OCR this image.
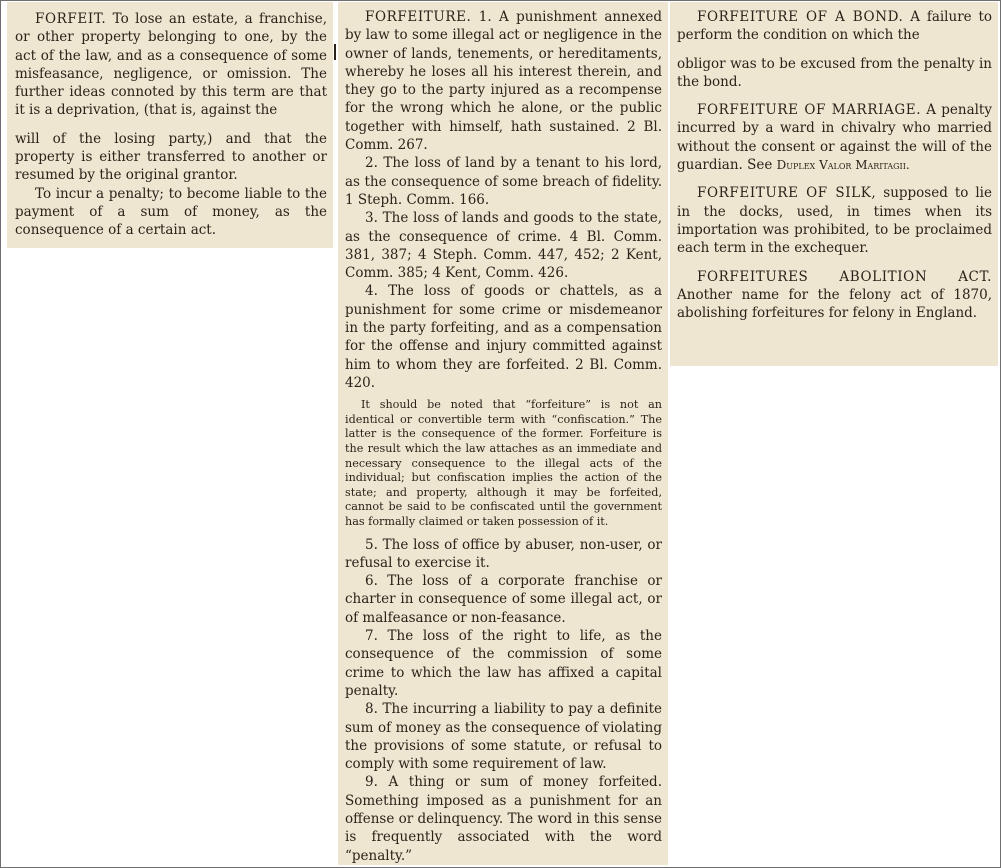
FORFEIT. To lose an estate, a franchise, or other property belonging to one, by the act of the law, and as a consequence of some misfeasance, negligence, or omission. The further ideas connoted by this term are that it is a deprivation, (that is, against the

will of the losing party,) and that the property is either transferred to another or resumed by the original grantor.

To incur a penalty; to become liable to the payment of a sum of money, as the consequence of a certain act.

FORFEITURE. 1. A punishment annexed by law to some illegal act or negligence in the owner of lands, tenements, or hereditaments, whereby he loses all his interest therein, and they go to the party injured as a recompense for the wrong which he alone, or the public together with himself, hath sustained. 2 Bl. Comm. 267.

2. The loss of land by a tenant to his lord, as the consequence of some breach of fidelity. 1 Steph. Comm. 166.

3. The loss of lands and goods to the state, as the consequence of crime. 4 Bl. Comm. 381, 387; 4 Steph. Comm. 447, 452; 2 Kent, Comm. 385; 4 Kent, Comm. 426.

4. The loss of goods or chattels, as a punishment for some crime or misdemeanor in the party forfeiting, and as a compensation for the offense and injury committed against him to whom they are forfeited. 2 Bl. Comm. 420.

It should be noted that “forfeiture” is not an identical or convertible term with “confiscation.” The latter is the consequence of the former. Forfeiture is the result which the law attaches as an immediate and necessary consequence to the illegal acts of the individual; but confiscation implies the action of the state; and property, although it may be forfeited, cannot be said to be confiscated until the government has formally claimed or taken possession of it.

5. The loss of office by abuser, non-user, or refusal to exercise it.

6. The loss of a corporate franchise or charter in consequence of some illegal act, or of malfeasance or non-feasance.

7. The loss of the right to life, as the consequence of the commission of some crime to which the law has affixed a capital penalty.

8. The incurring a liability to pay a definite sum of money as the consequence of violating the provisions of some statute, or refusal to comply with some requirement of law.

9. A thing or sum of money forfeited. Something imposed as a punishment for an offense or delinquency. The word in this sense is frequently associated with the word “penalty.”

FORFEITURE OF A BOND. A failure to perform the condition on which the

obligor was to be excused from the penalty in the bond.

FORFEITURE OF MARRIAGE. A penalty incurred by a ward in chivalry who married without the consent or against the will of the guardian. See Duplex Valor Maritagii.

FORFEITURE OF SILK, supposed to lie in the docks, used, in times when its importation was prohibited, to be proclaimed each term in the exchequer.

FORFEITURES ABOLITION ACT. Another name for the felony act of 1870, abolishing forfeitures for felony in England.
